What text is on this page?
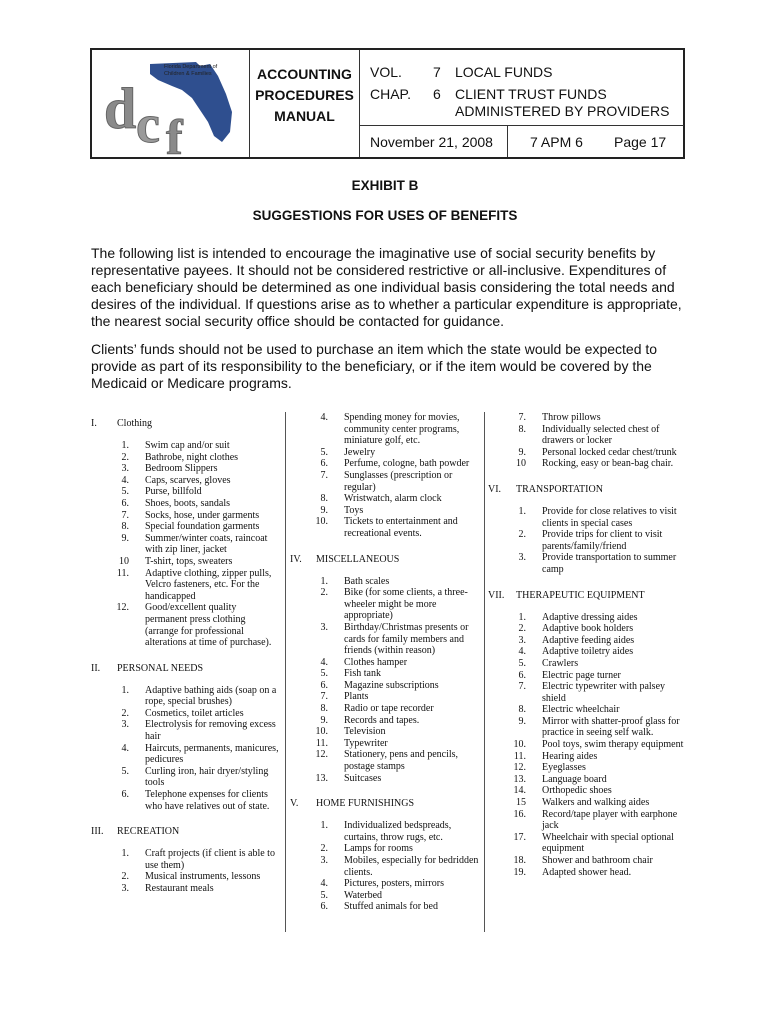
Florida Department of
Children & Families
d c f
ACCOUNTING
PROCEDURES
MANUAL
VOL. 7 LOCAL FUNDS
CHAP. 6 CLIENT TRUST FUNDS
ADMINISTERED BY PROVIDERS
November 21, 2008	7 APM 6 Page 17
EXHIBIT B
SUGGESTIONS FOR USES OF BENEFITS
The following list is intended to encourage the imaginative use of social security benefits by representative payees. It should not be considered restrictive or all-inclusive. Expenditures of each beneficiary should be determined as one individual basis considering the total needs and desires of the individual. If questions arise as to whether a particular expenditure is appropriate, the nearest social security office should be contacted for guidance.
Clients’ funds should not be used to purchase an item which the state would be expected to provide as part of its responsibility to the beneficiary, or if the item would be covered by the Medicaid or Medicare programs.
I. Clothing
1. Swim cap and/or suit
2. Bathrobe, night clothes
3. Bedroom Slippers
4. Caps, scarves, gloves
5. Purse, billfold
6. Shoes, boots, sandals
7. Socks, hose, under garments
8. Special foundation garments
9. Summer/winter coats, raincoat with zip liner, jacket
10 T-shirt, tops, sweaters
11. Adaptive clothing, zipper pulls, Velcro fasteners, etc. For the handicapped
12. Good/excellent quality permanent press clothing (arrange for professional alterations at time of purchase).
II. PERSONAL NEEDS
1. Adaptive bathing aids (soap on a rope, special brushes)
2. Cosmetics, toilet articles
3. Electrolysis for removing excess hair
4. Haircuts, permanents, manicures, pedicures
5. Curling iron, hair dryer/styling tools
6. Telephone expenses for clients who have relatives out of state.
III. RECREATION
1. Craft projects (if client is able to use them)
2. Musical instruments, lessons
3. Restaurant meals
4. Spending money for movies, community center programs, miniature golf, etc.
5. Jewelry
6. Perfume, cologne, bath powder
7. Sunglasses (prescription or regular)
8. Wristwatch, alarm clock
9. Toys
10. Tickets to entertainment and recreational events.
IV. MISCELLANEOUS
1. Bath scales
2. Bike (for some clients, a three-wheeler might be more appropriate)
3. Birthday/Christmas presents or cards for family members and friends (within reason)
4. Clothes hamper
5. Fish tank
6. Magazine subscriptions
7. Plants
8. Radio or tape recorder
9. Records and tapes.
10. Television
11. Typewriter
12. Stationery, pens and pencils, postage stamps
13. Suitcases
V. HOME FURNISHINGS
1. Individualized bedspreads, curtains, throw rugs, etc.
2. Lamps for rooms
3. Mobiles, especially for bedridden clients.
4. Pictures, posters, mirrors
5. Waterbed
6. Stuffed animals for bed
7. Throw pillows
8. Individually selected chest of drawers or locker
9. Personal locked cedar chest/trunk
10 Rocking, easy or bean-bag chair.
VI. TRANSPORTATION
1. Provide for close relatives to visit clients in special cases
2. Provide trips for client to visit parents/family/friend
3. Provide transportation to summer camp
VII. THERAPEUTIC EQUIPMENT
1. Adaptive dressing aides
2. Adaptive book holders
3. Adaptive feeding aides
4. Adaptive toiletry aides
5. Crawlers
6. Electric page turner
7. Electric typewriter with palsey shield
8. Electric wheelchair
9. Mirror with shatter-proof glass for practice in seeing self walk.
10. Pool toys, swim therapy equipment
11. Hearing aides
12. Eyeglasses
13. Language board
14. Orthopedic shoes
15 Walkers and walking aides
16. Record/tape player with earphone jack
17. Wheelchair with special optional equipment
18. Shower and bathroom chair
19. Adapted shower head.
